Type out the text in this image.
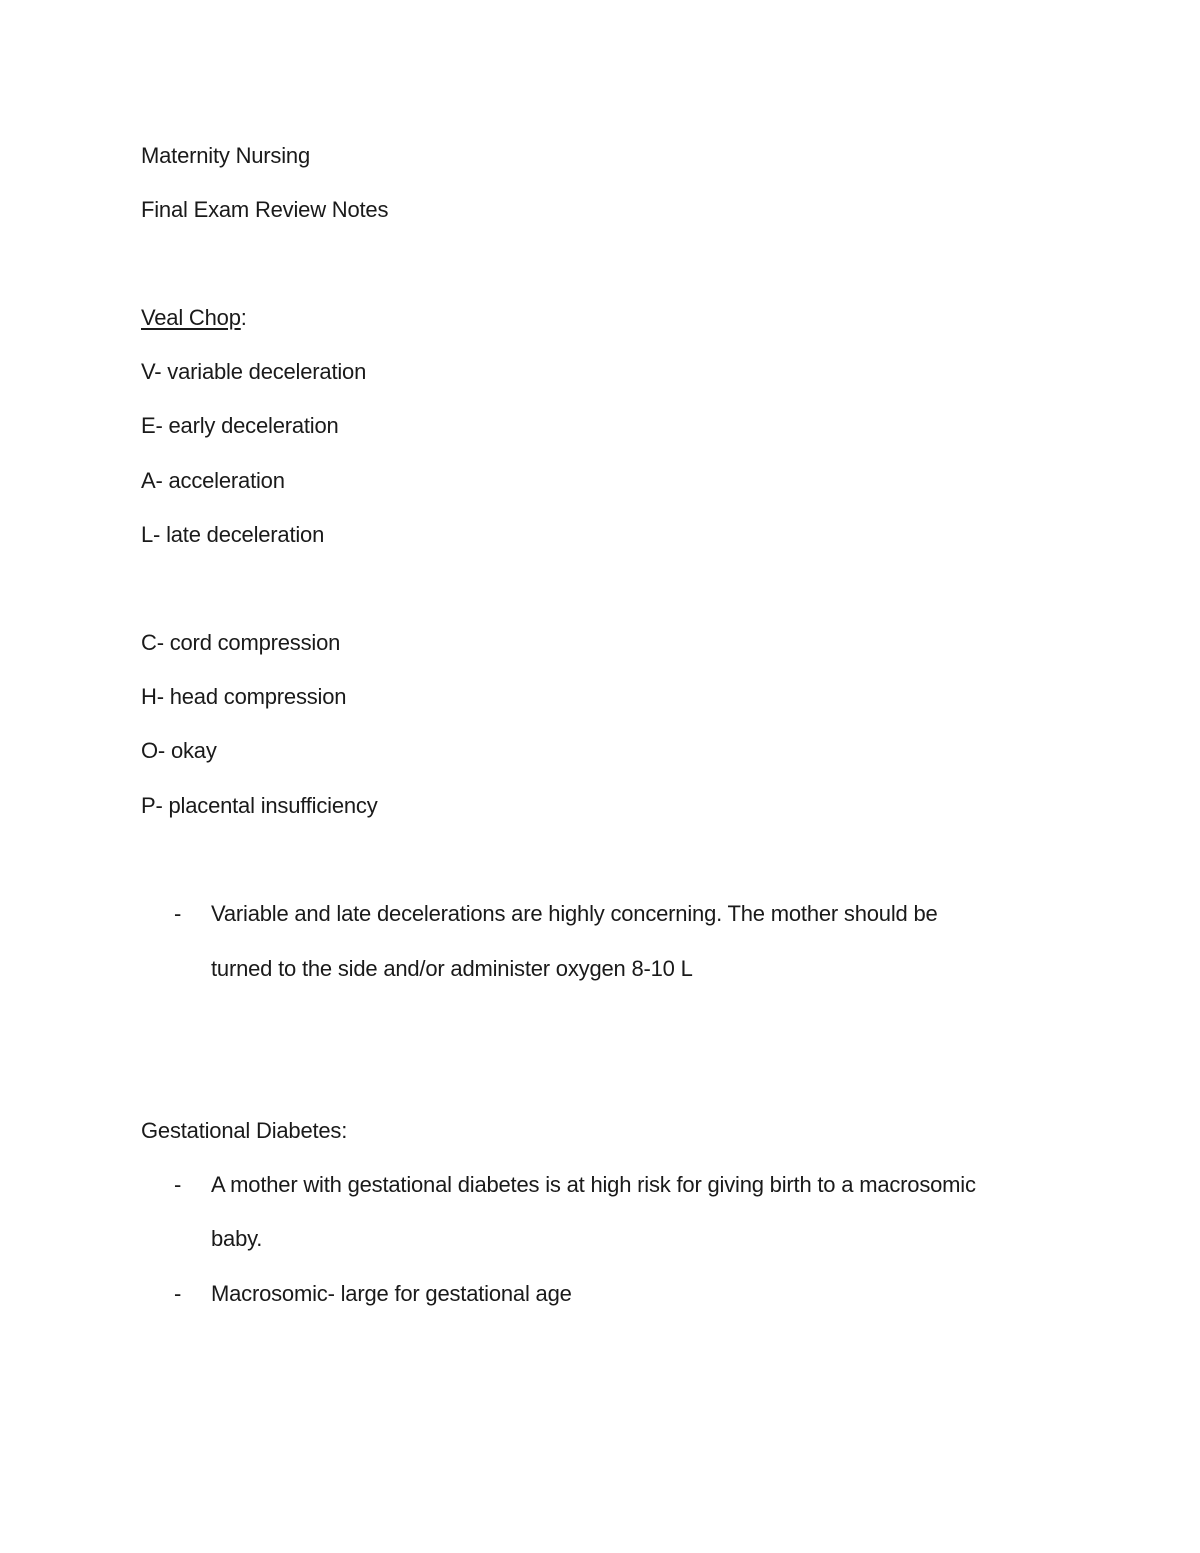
Maternity Nursing
Final Exam Review Notes
Veal Chop:
V- variable deceleration
E- early deceleration
A- acceleration
L- late deceleration
C- cord compression
H- head compression
O- okay
P- placental insufficiency
- Variable and late decelerations are highly concerning. The mother should be
turned to the side and/or administer oxygen 8-10 L
Gestational Diabetes:
- A mother with gestational diabetes is at high risk for giving birth to a macrosomic
baby.
- Macrosomic- large for gestational age
